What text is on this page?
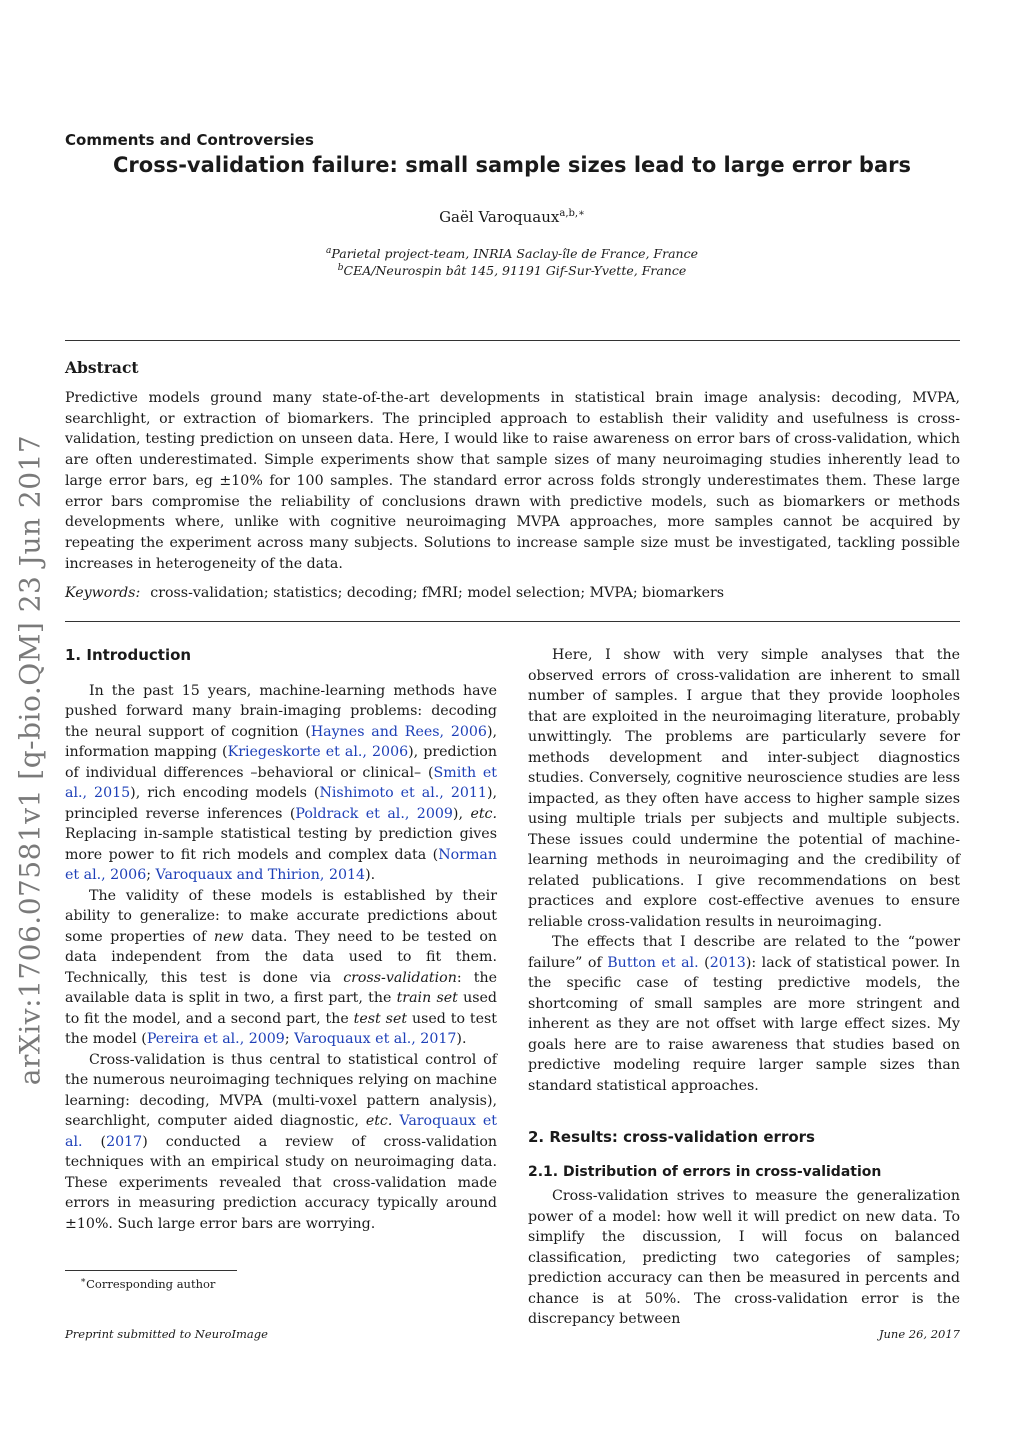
arXiv:1706.07581v1 [q-bio.QM] 23 Jun 2017
Comments and Controversies
Cross-validation failure: small sample sizes lead to large error bars
Gaël Varoquaux$^{a,b,∗}$
$^a$Parietal project-team, INRIA Saclay-île de France, France
$^b$CEA/Neurospin bât 145, 91191 Gif-Sur-Yvette, France
Abstract
Predictive models ground many state-of-the-art developments in statistical brain image analysis: decoding, MVPA, searchlight, or extraction of biomarkers. The principled approach to establish their validity and usefulness is cross-validation, testing prediction on unseen data. Here, I would like to raise awareness on error bars of cross-validation, which are often underestimated. Simple experiments show that sample sizes of many neuroimaging studies inherently lead to large error bars, eg ±10% for 100 samples. The standard error across folds strongly underestimates them. These large error bars compromise the reliability of conclusions drawn with predictive models, such as biomarkers or methods developments where, unlike with cognitive neuroimaging MVPA approaches, more samples cannot be acquired by repeating the experiment across many subjects. Solutions to increase sample size must be investigated, tackling possible increases in heterogeneity of the data.
Keywords: cross-validation; statistics; decoding; fMRI; model selection; MVPA; biomarkers
1. Introduction

In the past 15 years, machine-learning methods have pushed forward many brain-imaging problems: decoding the neural support of cognition (Haynes and Rees, 2006), information mapping (Kriegeskorte et al., 2006), prediction of individual differences –behavioral or clinical– (Smith et al., 2015), rich encoding models (Nishimoto et al., 2011), principled reverse inferences (Poldrack et al., 2009), etc. Replacing in-sample statistical testing by prediction gives more power to fit rich models and complex data (Norman et al., 2006; Varoquaux and Thirion, 2014).

The validity of these models is established by their ability to generalize: to make accurate predictions about some properties of new data. They need to be tested on data independent from the data used to fit them. Technically, this test is done via cross-validation: the available data is split in two, a first part, the train set used to fit the model, and a second part, the test set used to test the model (Pereira et al., 2009; Varoquaux et al., 2017).

Cross-validation is thus central to statistical control of the numerous neuroimaging techniques relying on machine learning: decoding, MVPA (multi-voxel pattern analysis), searchlight, computer aided diagnostic, etc. Varoquaux et al. (2017) conducted a review of cross-validation techniques with an empirical study on neuroimaging data. These experiments revealed that cross-validation made errors in measuring prediction accuracy typically around ±10%. Such large error bars are worrying.

Here, I show with very simple analyses that the observed errors of cross-validation are inherent to small number of samples. I argue that they provide loopholes that are exploited in the neuroimaging literature, probably unwittingly. The problems are particularly severe for methods development and inter-subject diagnostics studies. Conversely, cognitive neuroscience studies are less impacted, as they often have access to higher sample sizes using multiple trials per subjects and multiple subjects. These issues could undermine the potential of machine-learning methods in neuroimaging and the credibility of related publications. I give recommendations on best practices and explore cost-effective avenues to ensure reliable cross-validation results in neuroimaging.

The effects that I describe are related to the “power failure” of Button et al. (2013): lack of statistical power. In the specific case of testing predictive models, the shortcoming of small samples are more stringent and inherent as they are not offset with large effect sizes. My goals here are to raise awareness that studies based on predictive modeling require larger sample sizes than standard statistical approaches.

2. Results: cross-validation errors
2.1. Distribution of errors in cross-validation

Cross-validation strives to measure the generalization power of a model: how well it will predict on new data. To simplify the discussion, I will focus on balanced classification, predicting two categories of samples; prediction accuracy can then be measured in percents and chance is at 50%. The cross-validation error is the discrepancy between

∗Corresponding author
Preprint submitted to NeuroImage	June 26, 2017
